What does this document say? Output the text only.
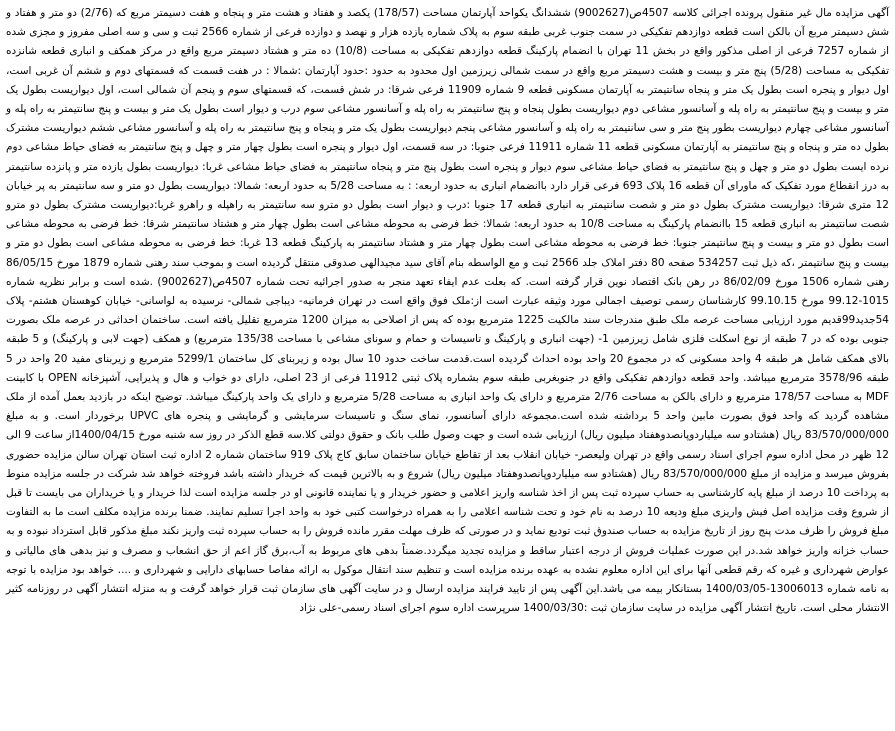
آگهی مزایده مال غیر منقول پرونده اجرائی کلاسه 4507ص(9002627) ششدانگ یکواحد آپارتمان مساحت (178/57) یکصد و هفتاد و هشت متر و پنجاه و هفت دسیمتر مربع که (2/76) دو متر و هفتاد و شش دسیمتر مربع آن بالکن است قطعه دوازدهم تفکیکی در سمت جنوب غربی طبقه سوم به پلاک شماره یازده هزار و نهصد و دوازده فرعی از شماره 2566 ثبت و سی و سه اصلی مفروز و مجزی شده از شماره 7257 فرعی از اصلی مذکور واقع در بخش 11 تهران با انضمام پارکینگ قطعه دوازدهم تفکیکی به مساحت (10/8) ده متر و هشتاد دسیمتر مربع واقع در مرکز همکف و انباری قطعه شانزده تفکیکی به مساحت (5/28) پنج متر و بیست و هشت دسیمتر مربع واقع در سمت شمالی زیرزمین اول محدود به حدود :حدود آپارتمان :شمالا : در هفت قسمت که قسمتهای دوم و ششم آن غربی است، اول دیوار و پنجره است بطول یک متر و پنجاه سانتیمتر به آپارتمان مسکونی قطعه 9 شماره 11909 فرعی شرقا: در شش قسمت، که قسمتهای سوم و پنجم آن شمالی است، اول دیواریست بطول یک متر و بیست و پنج سانتیمتر به راه پله و آسانسور مشاعی دوم دیواریست بطول پنجاه و پنج سانتیمتر به راه پله و آسانسور مشاعی سوم درب و دیوار است بطول یک متر و بیست و پنج سانتیمتر به راه پله و آسانسور مشاعی چهارم دیواریست بطور پنج متر و سی سانتیمتر به راه پله و آسانسور مشاعی پنجم دیواریست بطول یک متر و پنجاه و پنج سانتیمتر به راه پله و آسانسور مشاعی ششم دیواریست مشترک بطول ده متر و پنجاه و پنج سانتیمتر به آپارتمان مسکونی قطعه 11 شماره 11911 فرعی جنوبا: در سه قسمت، اول دیوار و پنجره است بطول چهار متر و چهل و پنج سانتیمتر به فضای حیاط مشاعی دوم نرده ایست بطول دو متر و چهل و پنج سانتیمتر به فضای حیاط مشاعی سوم دیوار و پنجره است بطول پنج متر و پنجاه سانتیمتر به فضای حیاط مشاعی غربا: دیواریست بطول یازده متر و پانزده سانتیمتر به درز انقطاع مورد تفکیک که ماورای آن قطعه 16 پلاک 693 فرعی قرار دارد باانضمام انباری به حدود اربعه: : به مساحت 5/28 به حدود اربعه: شمالا: دیواریست بطول دو متر و سه سانتیمتر به پر خیابان 12 متری شرقا: دیواریست مشترک بطول دو متر و شصت سانتیمتر به انباری قطعه 17 جنوبا :درب و دیوار است بطول دو مترو سه سانتیمتر به راهپله و راهرو غربا:دیواریست مشترک بطول دو مترو شصت سانتیمتر به انباری قطعه 15 باانضمام پارکینگ به مساحت 10/8 به حدود اربعه: شمالا: خط فرضی به محوطه مشاعی است بطول چهار متر و هشتاد سانتیمتر شرقا: خط فرضی به محوطه مشاعی است بطول دو متر و بیست و پنج سانتیمتر جنوبا: خط فرضی به محوطه مشاعی است بطول چهار متر و هشتاد سانتیمتر به پارکینگ قطعه 13 غربا: خط فرضی به محوطه مشاعی است بطول دو متر و بیست و پنج سانتیمتر ،که ذیل ثبت 534257 صفحه 80 دفتر املاک جلد 2566 ثبت و مع الواسطه بنام آقای سید مجیدالهی صدوقی منتقل گردیده است و بموجب سند رهنی شماره 1879 مورخ 86/05/15 رهنی شماره 1506 مورخ 86/02/09 در رهن بانک اقتصاد نوین قرار گرفته است. که بعلت عدم ایفاء تعهد منجر به صدور اجرائیه تحت شماره 4507ص(9002627) .شده است و برابر نظریه شماره 1015-99.12 مورخ 99.10.15 کارشناسان رسمی توصیف اجمالی مورد وثیقه عبارت است از:ملک فوق واقع است در تهران فرمانیه- دیباجی شمالی- نرسیده به لواسانی- خیابان کوهستان هشتم- پلاک 54جدید99قدیم مورد ارزیابی مساحت عرصه ملک طبق مندرجات سند مالکیت 1225 مترمربع بوده که پس از اصلاحی به میزان 1200 مترمربع تقلیل یافته است. ساختمان احداثی در عرصه ملک بصورت جنوبی بوده که در 7 طبقه از نوع اسکلت فلزی شامل زیرزمین 1- (جهت انباری و پارکینگ و تاسیسات و حمام و سونای مشاعی با مساحت 135/38 مترمربع) و همکف (جهت لابی و پارکینگ) و 5 طبقه بالای همکف شامل هر طبقه 4 واحد مسکونی که در مجموع 20 واحد بوده احداث گردیده است.قدمت ساخت حدود 10 سال بوده و زیربنای کل ساختمان 5299/1 مترمربع و زیربنای مفید 20 واحد در 5 طبقه 3578/96 مترمربع میباشد. واحد قطعه دوازدهم تفکیکی واقع در جنوبغربی طبقه سوم بشماره پلاک ثبتی 11912 فرعی از 23 اصلی، دارای دو خواب و هال و پذیرایی، آشپزخانه OPEN با کابینت MDF به مساحت 178/57 مترمربع و دارای بالکن به مساحت 2/76 مترمربع و دارای یک واحد انباری به مساحت 5/28 مترمربع و دارای یک واحد پارکینگ میباشد. توضیح اینکه در بازدید بعمل آمده از ملک مشاهده گردید که واحد فوق بصورت مابین واحد 5 برداشته شده است.مجموعه دارای آسانسور، نمای سنگ و تاسیسات سرمایشی و گرمایشی و پنجره های UPVC برخوردار است. و به مبلغ 83/570/000/000 ریال (هشتادو سه میلیاردوپانصدوهفتاد میلیون ریال) ارزیابی شده است و جهت وصول طلب بانک و حقوق دولتی کلا.سه قطع الذکر در روز سه شنبه مورخ 1400/04/15از ساعت 9 الی 12 ظهر در محل اداره سوم اجرای اسناد رسمی واقع در تهران ولیعصر- خیابان انقلاب بعد از تقاطع خیابان ساختمان سابق کاج پلاک 919 ساختمان شماره 2 اداره ثبت استان تهران سالن مزایده حضوری بفروش میرسد و مزایده از مبلغ 83/570/000/000 ریال (هشتادو سه میلیاردوپانصدوهفتاد میلیون ریال) شروع و به بالاترین قیمت که خریدار داشته باشد فروخته خواهد شد شرکت در جلسه مزایده منوط به پرداخت 10 درصد از مبلغ پایه کارشناسی به حساب سپرده ثبت پس از اخذ شناسه واریز اعلامی و حضور خریدار و یا نماینده قانونی او در جلسه مزایده است لذا خریدار و یا خریداران می بایست تا قبل از شروع وقت مزایده اصل فیش واریزی مبلغ ودیعه 10 درصد به نام خود و تحت شناسه اعلامی را به همراه درخواست کتبی خود به واحد اجرا تسلیم نمایند. ضمنا برنده مزایده مکلف است ما به التفاوت مبلغ فروش را ظرف مدت پنج روز از تاریخ مزایده به حساب صندوق ثبت تودیع نماید و در صورتی که ظرف مهلت مقرر مانده فروش را به حساب سپرده ثبت واریز نکند مبلغ مذکور قابل استرداد نبوده و به حساب خزانه واریز خواهد شد.در این صورت عملیات فروش از درجه اعتبار ساقط و مزایده تجدید میگردد.ضمناً بدهی های مربوط به آب،برق گاز اعم از حق انشعاب و مصرف و نیز بدهی های مالیاتی و عوارض شهرداری و غیره که رقم قطعی آنها برای این اداره معلوم نشده به عهده برنده مزایده است و تنظیم سند انتقال موکول به ارائه مفاصا حسابهای دارایی و شهرداری و .... خواهد بود مزایده با توجه به نامه شماره 13006013-1400/03/05 بستانکار بیمه می باشد.این آگهی پس از تایید فرایند مزایده ارسال و در سایت آگهی های سازمان ثبت قرار خواهد گرفت و به منزله انتشار آگهی در روزنامه کثیر الانتشار محلی است. تاریخ انتشار آگهی مزایده در سایت سازمان ثبت :1400/03/30 سرپرست اداره سوم اجرای اسناد رسمی-علی نژاد
